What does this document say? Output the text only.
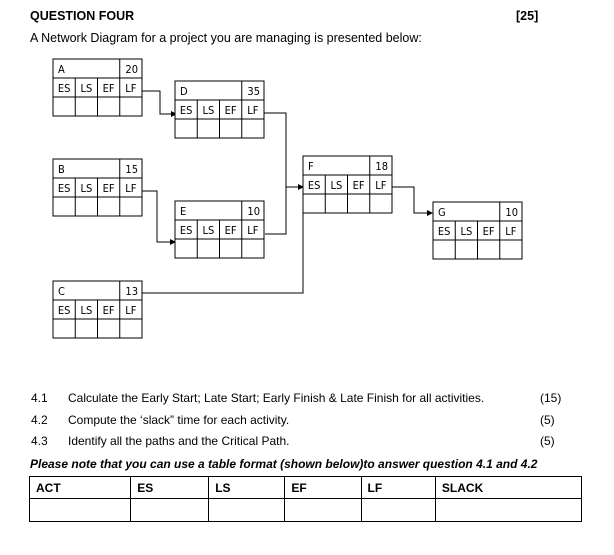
QUESTION FOUR	[25]
A Network Diagram for a project you are managing is presented below:
A	20
ES LS EF LF
B	15
ES LS EF LF
C	13
ES LS EF LF
D	35
ES LS EF LF
E	10
ES LS EF LF
F	18
ES LS EF LF
G	10
ES LS EF LF
4.1 Calculate the Early Start; Late Start; Early Finish & Late Finish for all activities.	(15)
4.2 Compute the ‘slack” time for each activity.	(5)
4.3 Identify all the paths and the Critical Path.	(5)
Please note that you can use a table format (shown below)to answer question 4.1 and 4.2
ACT	ES	LS	EF	LF	SLACK
